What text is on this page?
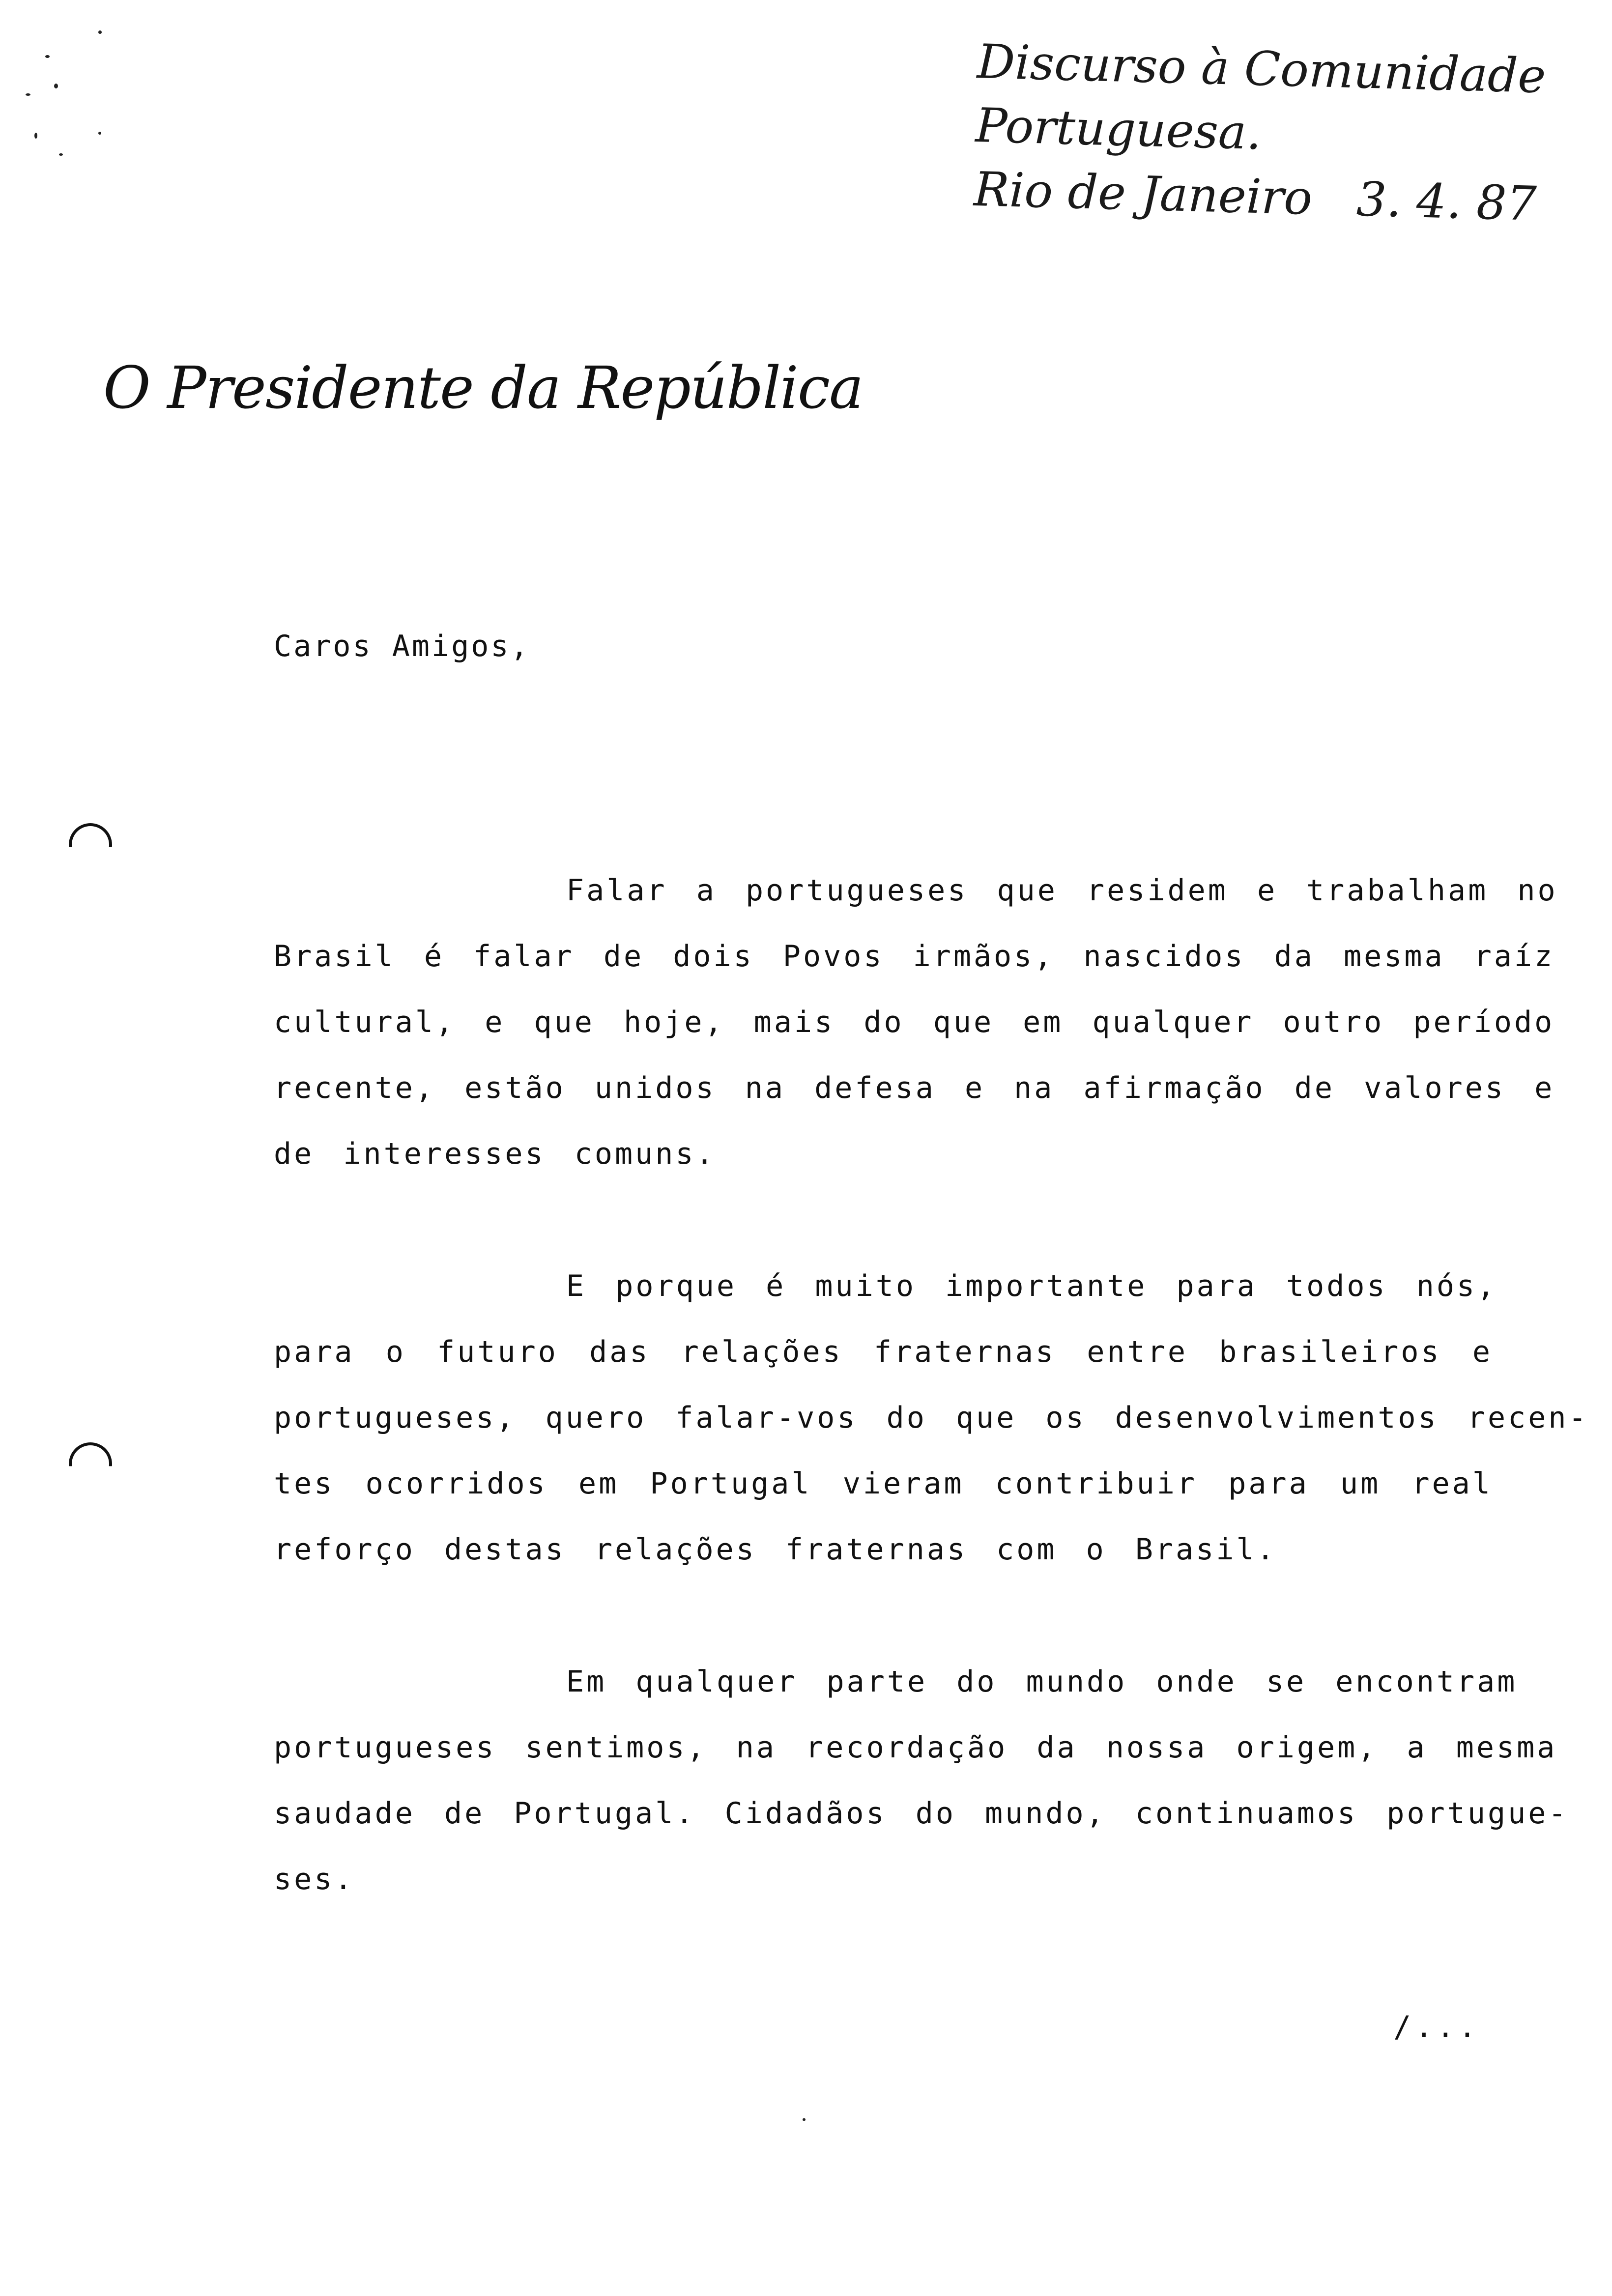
Discurso à Comunidade
Portuguesa.
Rio de Janeiro 3. 4. 87
O Presidente da República
Caros Amigos,
Falar a portugueses que residem e trabalham no
Brasil é falar de dois Povos irmãos, nascidos da mesma raíz
cultural, e que hoje, mais do que em qualquer outro período
recente, estão unidos na defesa e na afirmação de valores e
de interesses comuns.
E porque é muito importante para todos nós,
para o futuro das relações fraternas entre brasileiros e
portugueses, quero falar-vos do que os desenvolvimentos recen-
tes ocorridos em Portugal vieram contribuir para um real
reforço destas relações fraternas com o Brasil.
Em qualquer parte do mundo onde se encontram
portugueses sentimos, na recordação da nossa origem, a mesma
saudade de Portugal. Cidadãos do mundo, continuamos portugue-
ses.
/...
